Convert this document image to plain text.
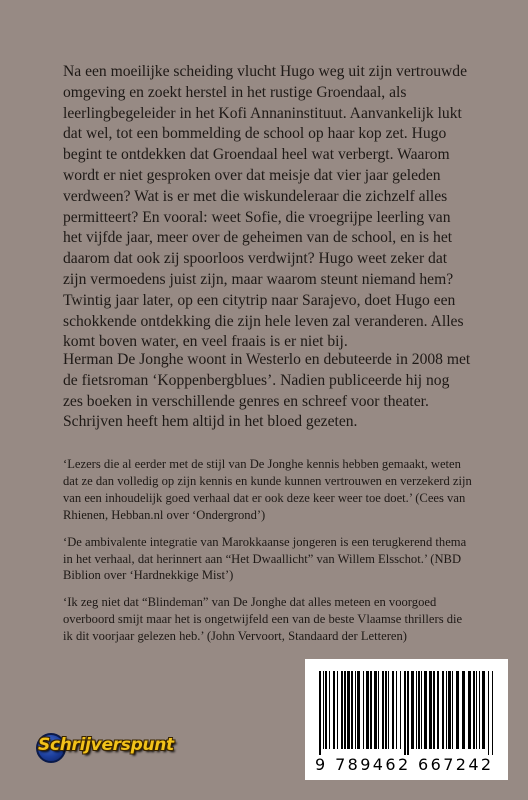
Na een moeilijke scheiding vlucht Hugo weg uit zijn vertrouwde omgeving en zoekt herstel in het rustige Groendaal, als leerlingbegeleider in het Kofi Annaninstituut. Aanvankelijk lukt dat wel, tot een bommelding de school op haar kop zet. Hugo begint te ontdekken dat Groendaal heel wat verbergt. Waarom wordt er niet gesproken over dat meisje dat vier jaar geleden verdween? Wat is er met die wiskundeleraar die zichzelf alles permitteert? En vooral: weet Sofie, die vroegrijpe leerling van het vijfde jaar, meer over de geheimen van de school, en is het daarom dat ook zij spoorloos verdwijnt? Hugo weet zeker dat zijn vermoedens juist zijn, maar waarom steunt niemand hem?

Twintig jaar later, op een citytrip naar Sarajevo, doet Hugo een schokkende ontdekking die zijn hele leven zal veranderen. Alles komt boven water, en veel fraais is er niet bij.

Herman De Jonghe woont in Westerlo en debuteerde in 2008 met de fietsroman ‘Koppenbergblues’. Nadien publiceerde hij nog zes boeken in verschillende genres en schreef voor theater. Schrijven heeft hem altijd in het bloed gezeten.

‘Lezers die al eerder met de stijl van De Jonghe kennis hebben gemaakt, weten dat ze dan volledig op zijn kennis en kunde kunnen vertrouwen en verzekerd zijn van een inhoudelijk goed verhaal dat er ook deze keer weer toe doet.’ (Cees van Rhienen, Hebban.nl over ‘Ondergrond’)

‘De ambivalente integratie van Marokkaanse jongeren is een terugkerend thema in het verhaal, dat herinnert aan “Het Dwaallicht” van Willem Elsschot.’ (NBD Biblion over ‘Hardnekkige Mist’)

‘Ik zeg niet dat “Blindeman” van De Jonghe dat alles meteen en voorgoed overboord smijt maar het is ongetwijfeld een van de beste Vlaamse thrillers die ik dit voorjaar gelezen heb.’ (John Vervoort, Standaard der Letteren)

Schrijverspunt
9 789462 667242
